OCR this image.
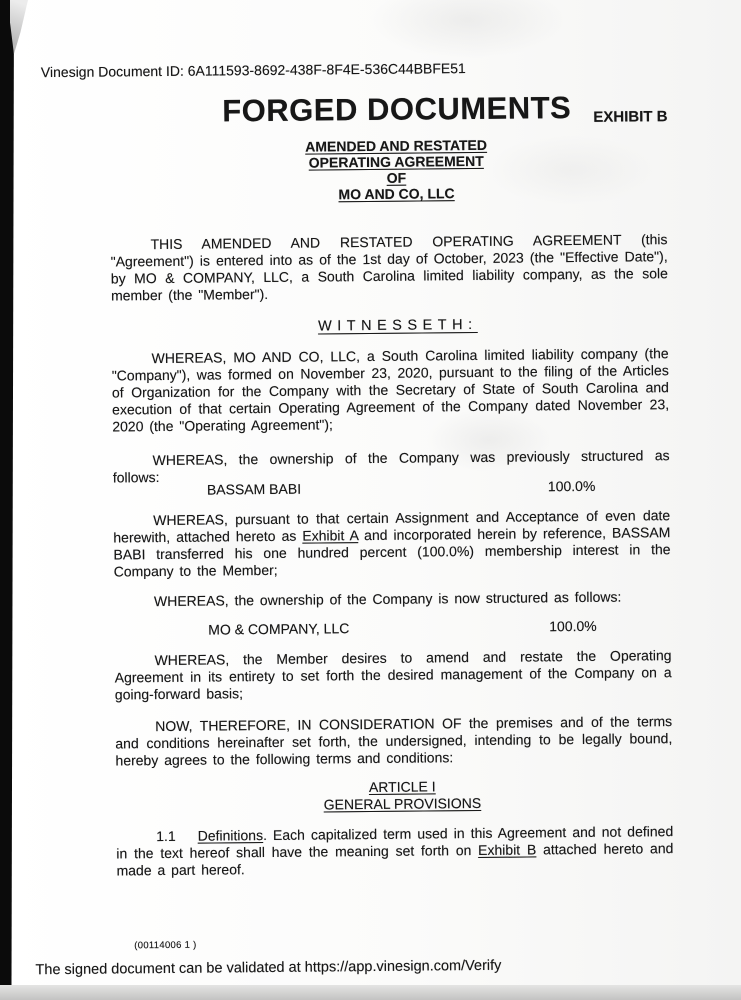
Vinesign Document ID: 6A111593-8692-438F-8F4E-536C44BBFE51
FORGED DOCUMENTS	EXHIBIT B
AMENDED AND RESTATED
OPERATING AGREEMENT
OF
MO AND CO, LLC
THIS AMENDED AND RESTATED OPERATING AGREEMENT (this "Agreement") is entered into as of the 1st day of October, 2023 (the "Effective Date"), by MO & COMPANY, LLC, a South Carolina limited liability company, as the sole member (the "Member").
WITNESSETH:
WHEREAS, MO AND CO, LLC, a South Carolina limited liability company (the "Company"), was formed on November 23, 2020, pursuant to the filing of the Articles of Organization for the Company with the Secretary of State of South Carolina and execution of that certain Operating Agreement of the Company dated November 23, 2020 (the "Operating Agreement");
WHEREAS, the ownership of the Company was previously structured as follows:
BASSAM BABI	100.0%
WHEREAS, pursuant to that certain Assignment and Acceptance of even date herewith, attached hereto as Exhibit A and incorporated herein by reference, BASSAM BABI transferred his one hundred percent (100.0%) membership interest in the Company to the Member;
WHEREAS, the ownership of the Company is now structured as follows:
MO & COMPANY, LLC	100.0%
WHEREAS, the Member desires to amend and restate the Operating Agreement in its entirety to set forth the desired management of the Company on a going-forward basis;
NOW, THEREFORE, IN CONSIDERATION OF the premises and of the terms and conditions hereinafter set forth, the undersigned, intending to be legally bound, hereby agrees to the following terms and conditions:
ARTICLE I
GENERAL PROVISIONS
1.1 Definitions. Each capitalized term used in this Agreement and not defined in the text hereof shall have the meaning set forth on Exhibit B attached hereto and made a part hereof.
(00114006 1 )
The signed document can be validated at https://app.vinesign.com/Verify
